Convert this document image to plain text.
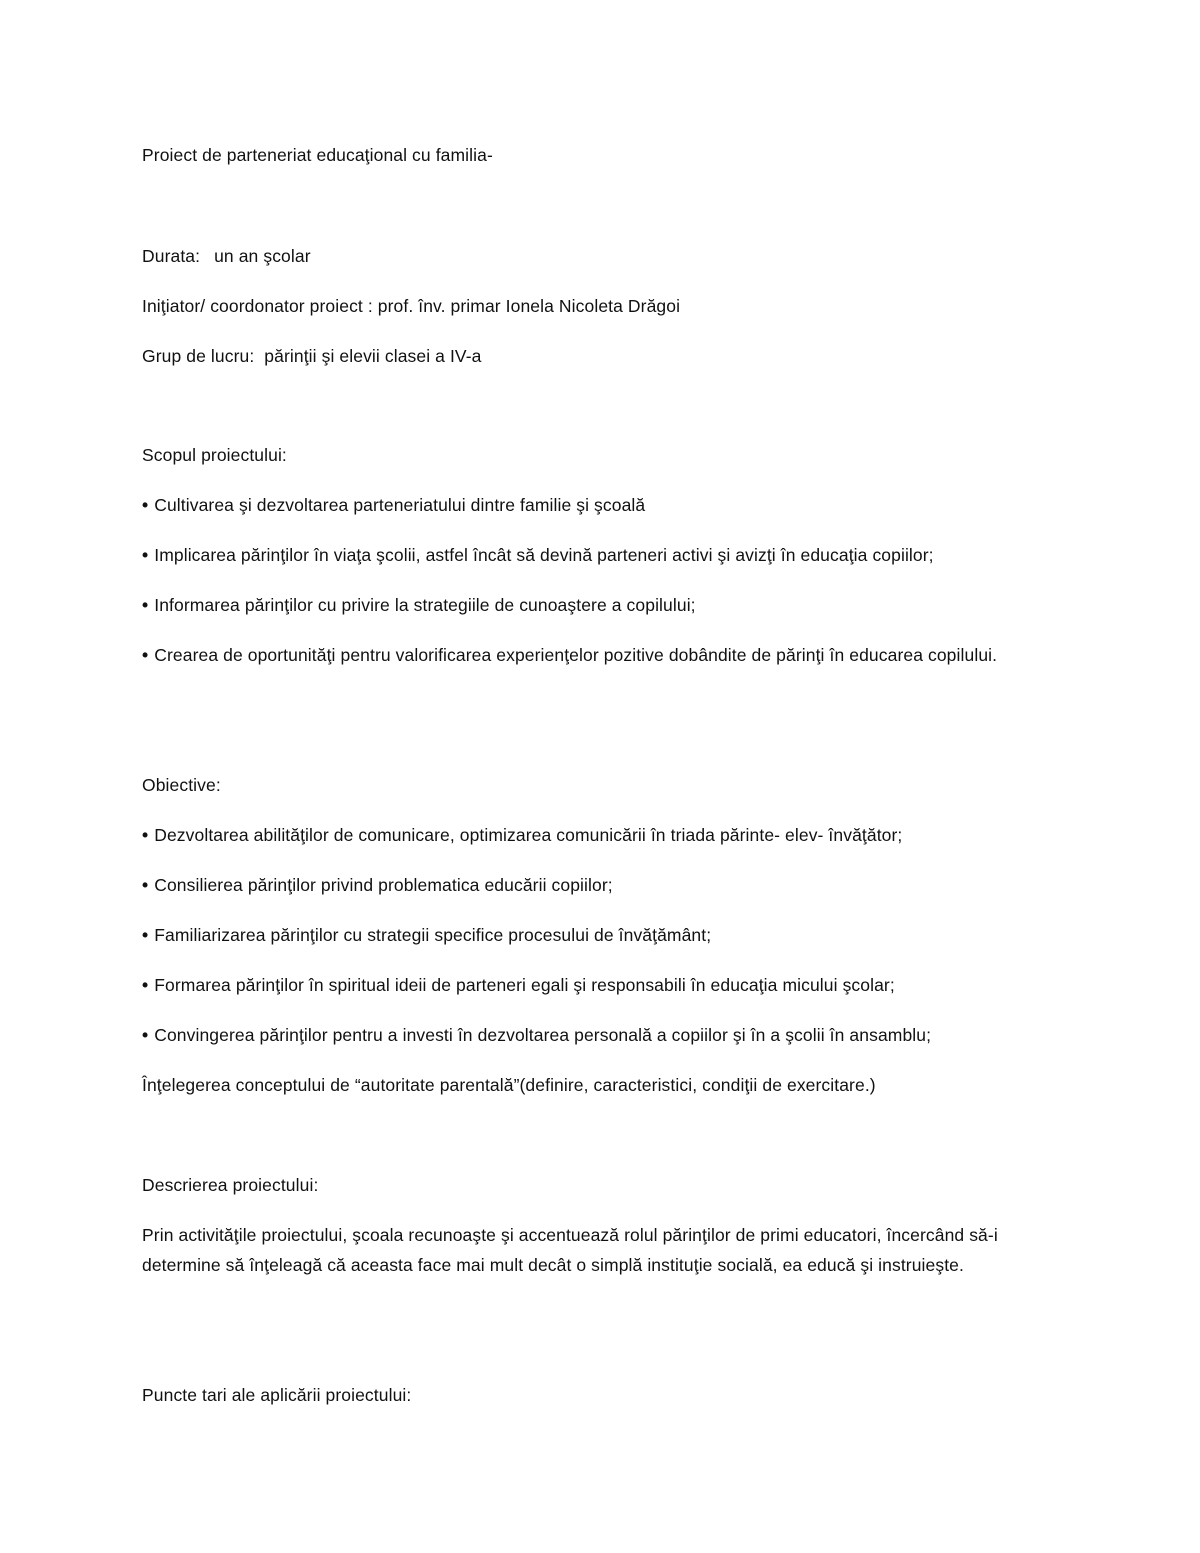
Proiect de parteneriat educaţional cu familia-
Durata: un an şcolar
Iniţiator/ coordonator proiect : prof. înv. primar Ionela Nicoleta Drăgoi
Grup de lucru: părinţii şi elevii clasei a IV-a
Scopul proiectului:
• Cultivarea şi dezvoltarea parteneriatului dintre familie şi şcoală
• Implicarea părinţilor în viaţa şcolii, astfel încât să devină parteneri activi şi avizţi în educaţia copiilor;
• Informarea părinţilor cu privire la strategiile de cunoaştere a copilului;
• Crearea de oportunităţi pentru valorificarea experienţelor pozitive dobândite de părinţi în educarea copilului.
Obiective:
• Dezvoltarea abilităţilor de comunicare, optimizarea comunicării în triada părinte- elev- învăţător;
• Consilierea părinţilor privind problematica educării copiilor;
• Familiarizarea părinţilor cu strategii specifice procesului de învăţământ;
• Formarea părinţilor în spiritual ideii de parteneri egali şi responsabili în educaţia micului şcolar;
• Convingerea părinţilor pentru a investi în dezvoltarea personală a copiilor şi în a şcolii în ansamblu;
Înţelegerea conceptului de “autoritate parentală”(definire, caracteristici, condiţii de exercitare.)
Descrierea proiectului:
Prin activităţile proiectului, şcoala recunoaşte şi accentuează rolul părinţilor de primi educatori, încercând să-i determine să înţeleagă că aceasta face mai mult decât o simplă instituţie socială, ea educă şi instruieşte.
Puncte tari ale aplicării proiectului:
